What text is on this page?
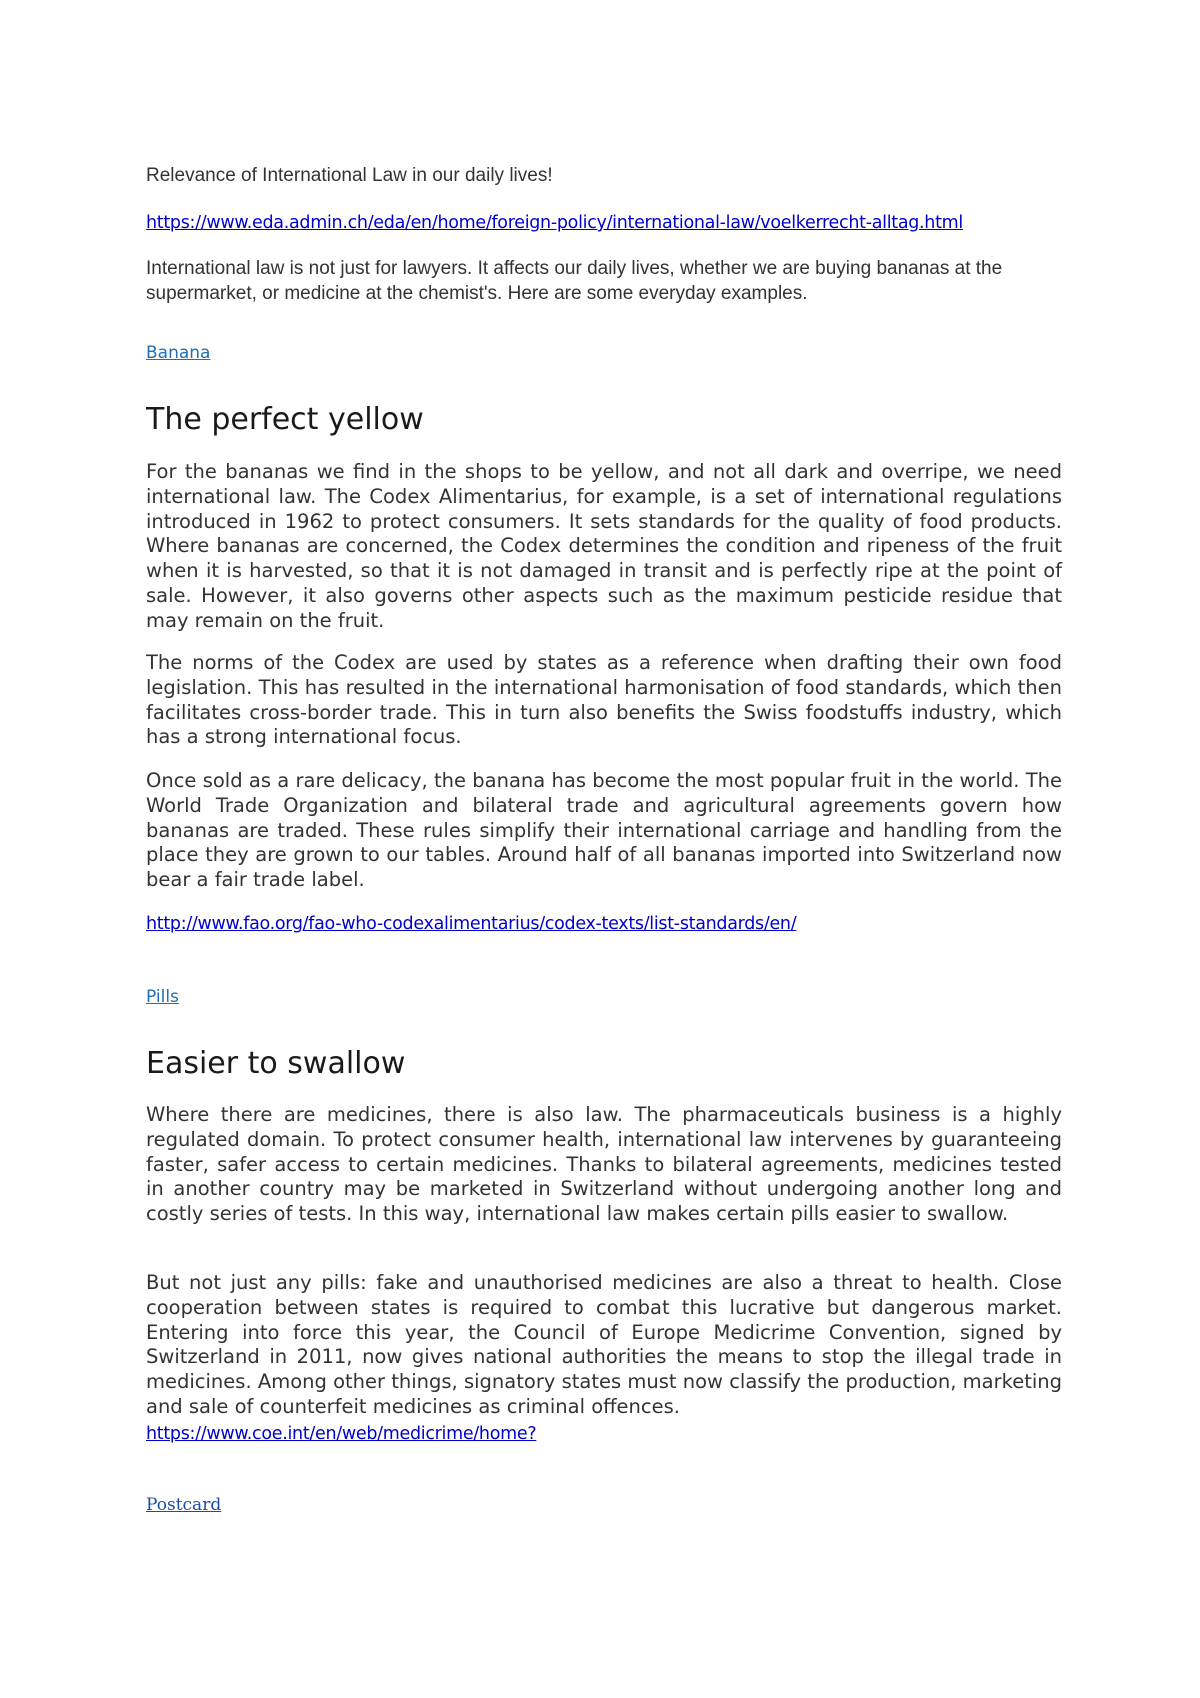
Relevance of International Law in our daily lives!

https://www.eda.admin.ch/eda/en/home/foreign-policy/international-law/voelkerrecht-alltag.html

International law is not just for lawyers. It affects our daily lives, whether we are buying bananas at the supermarket, or medicine at the chemist's. Here are some everyday examples.

Banana
The perfect yellow

For the bananas we find in the shops to be yellow, and not all dark and overripe, we need international law. The Codex Alimentarius, for example, is a set of international regulations introduced in 1962 to protect consumers. It sets standards for the quality of food products. Where bananas are concerned, the Codex determines the condition and ripeness of the fruit when it is harvested, so that it is not damaged in transit and is perfectly ripe at the point of sale. However, it also governs other aspects such as the maximum pesticide residue that may remain on the fruit.

The norms of the Codex are used by states as a reference when drafting their own food legislation. This has resulted in the international harmonisation of food standards, which then facilitates cross-border trade. This in turn also benefits the Swiss foodstuffs industry, which has a strong international focus.

Once sold as a rare delicacy, the banana has become the most popular fruit in the world. The World Trade Organization and bilateral trade and agricultural agreements govern how bananas are traded. These rules simplify their international carriage and handling from the place they are grown to our tables. Around half of all bananas imported into Switzerland now bear a fair trade label.

http://www.fao.org/fao-who-codexalimentarius/codex-texts/list-standards/en/
Pills
Easier to swallow

Where there are medicines, there is also law. The pharmaceuticals business is a highly regulated domain. To protect consumer health, international law intervenes by guaranteeing faster, safer access to certain medicines. Thanks to bilateral agreements, medicines tested in another country may be marketed in Switzerland without undergoing another long and costly series of tests. In this way, international law makes certain pills easier to swallow.

But not just any pills: fake and unauthorised medicines are also a threat to health. Close cooperation between states is required to combat this lucrative but dangerous market. Entering into force this year, the Council of Europe Medicrime Convention, signed by Switzerland in 2011, now gives national authorities the means to stop the illegal trade in medicines. Among other things, signatory states must now classify the production, marketing and sale of counterfeit medicines as criminal offences.

https://www.coe.int/en/web/medicrime/home?
Postcard
